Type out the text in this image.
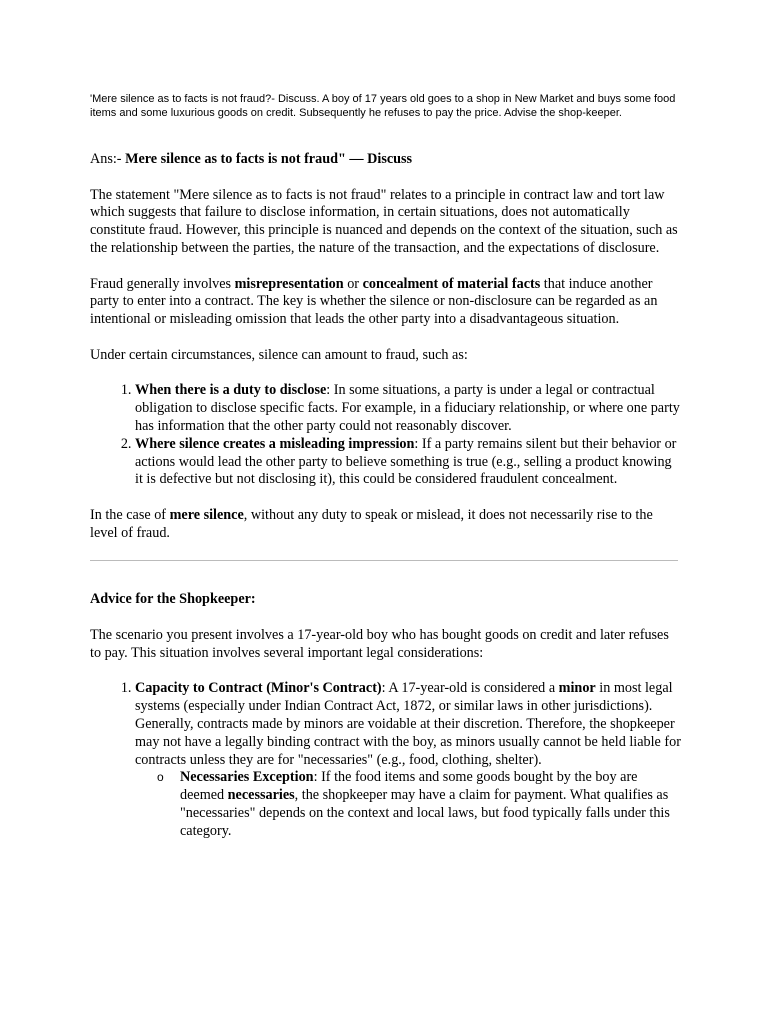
'Mere silence as to facts is not fraud?- Discuss. A boy of 17 years old goes to a shop in New Market and buys some food items and some luxurious goods on credit. Subsequently he refuses to pay the price. Advise the shop-keeper.

Ans:- Mere silence as to facts is not fraud" — Discuss

The statement "Mere silence as to facts is not fraud" relates to a principle in contract law and tort law which suggests that failure to disclose information, in certain situations, does not automatically constitute fraud. However, this principle is nuanced and depends on the context of the situation, such as the relationship between the parties, the nature of the transaction, and the expectations of disclosure.

Fraud generally involves misrepresentation or concealment of material facts that induce another party to enter into a contract. The key is whether the silence or non-disclosure can be regarded as an intentional or misleading omission that leads the other party into a disadvantageous situation.

Under certain circumstances, silence can amount to fraud, such as:

1. When there is a duty to disclose: In some situations, a party is under a legal or contractual obligation to disclose specific facts. For example, in a fiduciary relationship, or where one party has information that the other party could not reasonably discover.
2. Where silence creates a misleading impression: If a party remains silent but their behavior or actions would lead the other party to believe something is true (e.g., selling a product knowing it is defective but not disclosing it), this could be considered fraudulent concealment.

In the case of mere silence, without any duty to speak or mislead, it does not necessarily rise to the level of fraud.

Advice for the Shopkeeper:

The scenario you present involves a 17-year-old boy who has bought goods on credit and later refuses to pay. This situation involves several important legal considerations:

1. Capacity to Contract (Minor's Contract): A 17-year-old is considered a minor in most legal systems (especially under Indian Contract Act, 1872, or similar laws in other jurisdictions). Generally, contracts made by minors are voidable at their discretion. Therefore, the shopkeeper may not have a legally binding contract with the boy, as minors usually cannot be held liable for contracts unless they are for "necessaries" (e.g., food, clothing, shelter).
o Necessaries Exception: If the food items and some goods bought by the boy are deemed necessaries, the shopkeeper may have a claim for payment. What qualifies as "necessaries" depends on the context and local laws, but food typically falls under this category.
